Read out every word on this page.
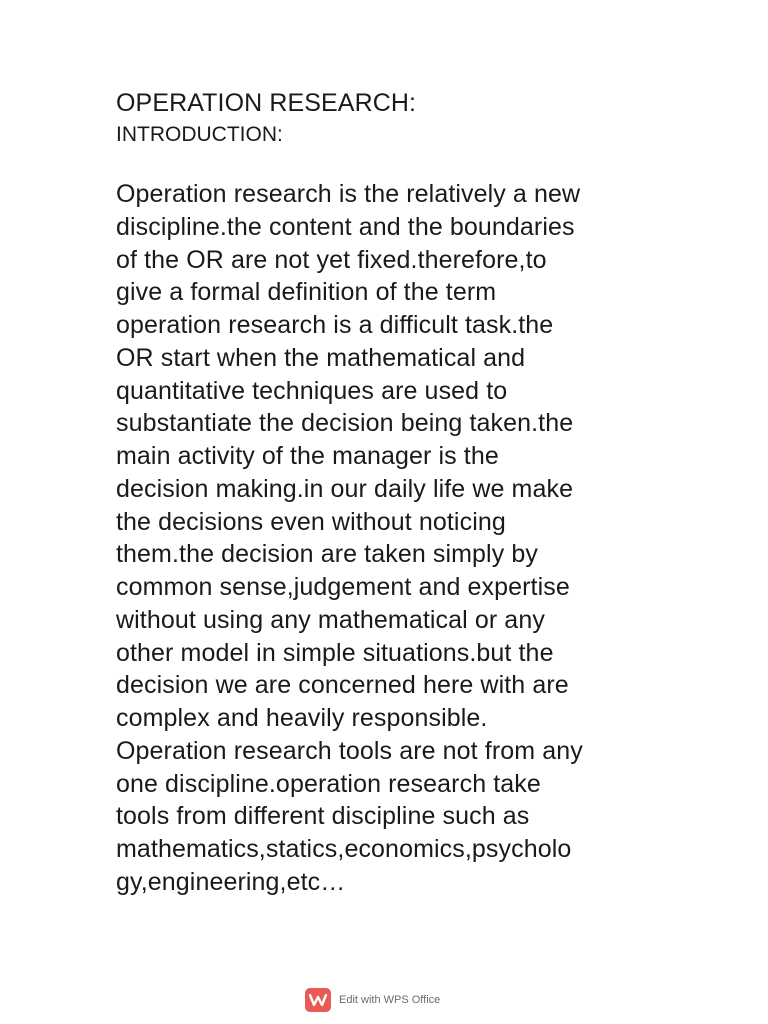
OPERATION RESEARCH:
INTRODUCTION:
Operation research is the relatively a new
discipline.the content and the boundaries
of the OR are not yet fixed.therefore,to
give a formal definition of the term
operation research is a difficult task.the
OR start when the mathematical and
quantitative techniques are used to
substantiate the decision being taken.the
main activity of the manager is the
decision making.in our daily life we make
the decisions even without noticing
them.the decision are taken simply by
common sense,judgement and expertise
without using any mathematical or any
other model in simple situations.but the
decision we are concerned here with are
complex and heavily responsible.
Operation research tools are not from any
one discipline.operation research take
tools from different discipline such as
mathematics,statics,economics,psycholo
gy,engineering,etc…
Edit with WPS Office
